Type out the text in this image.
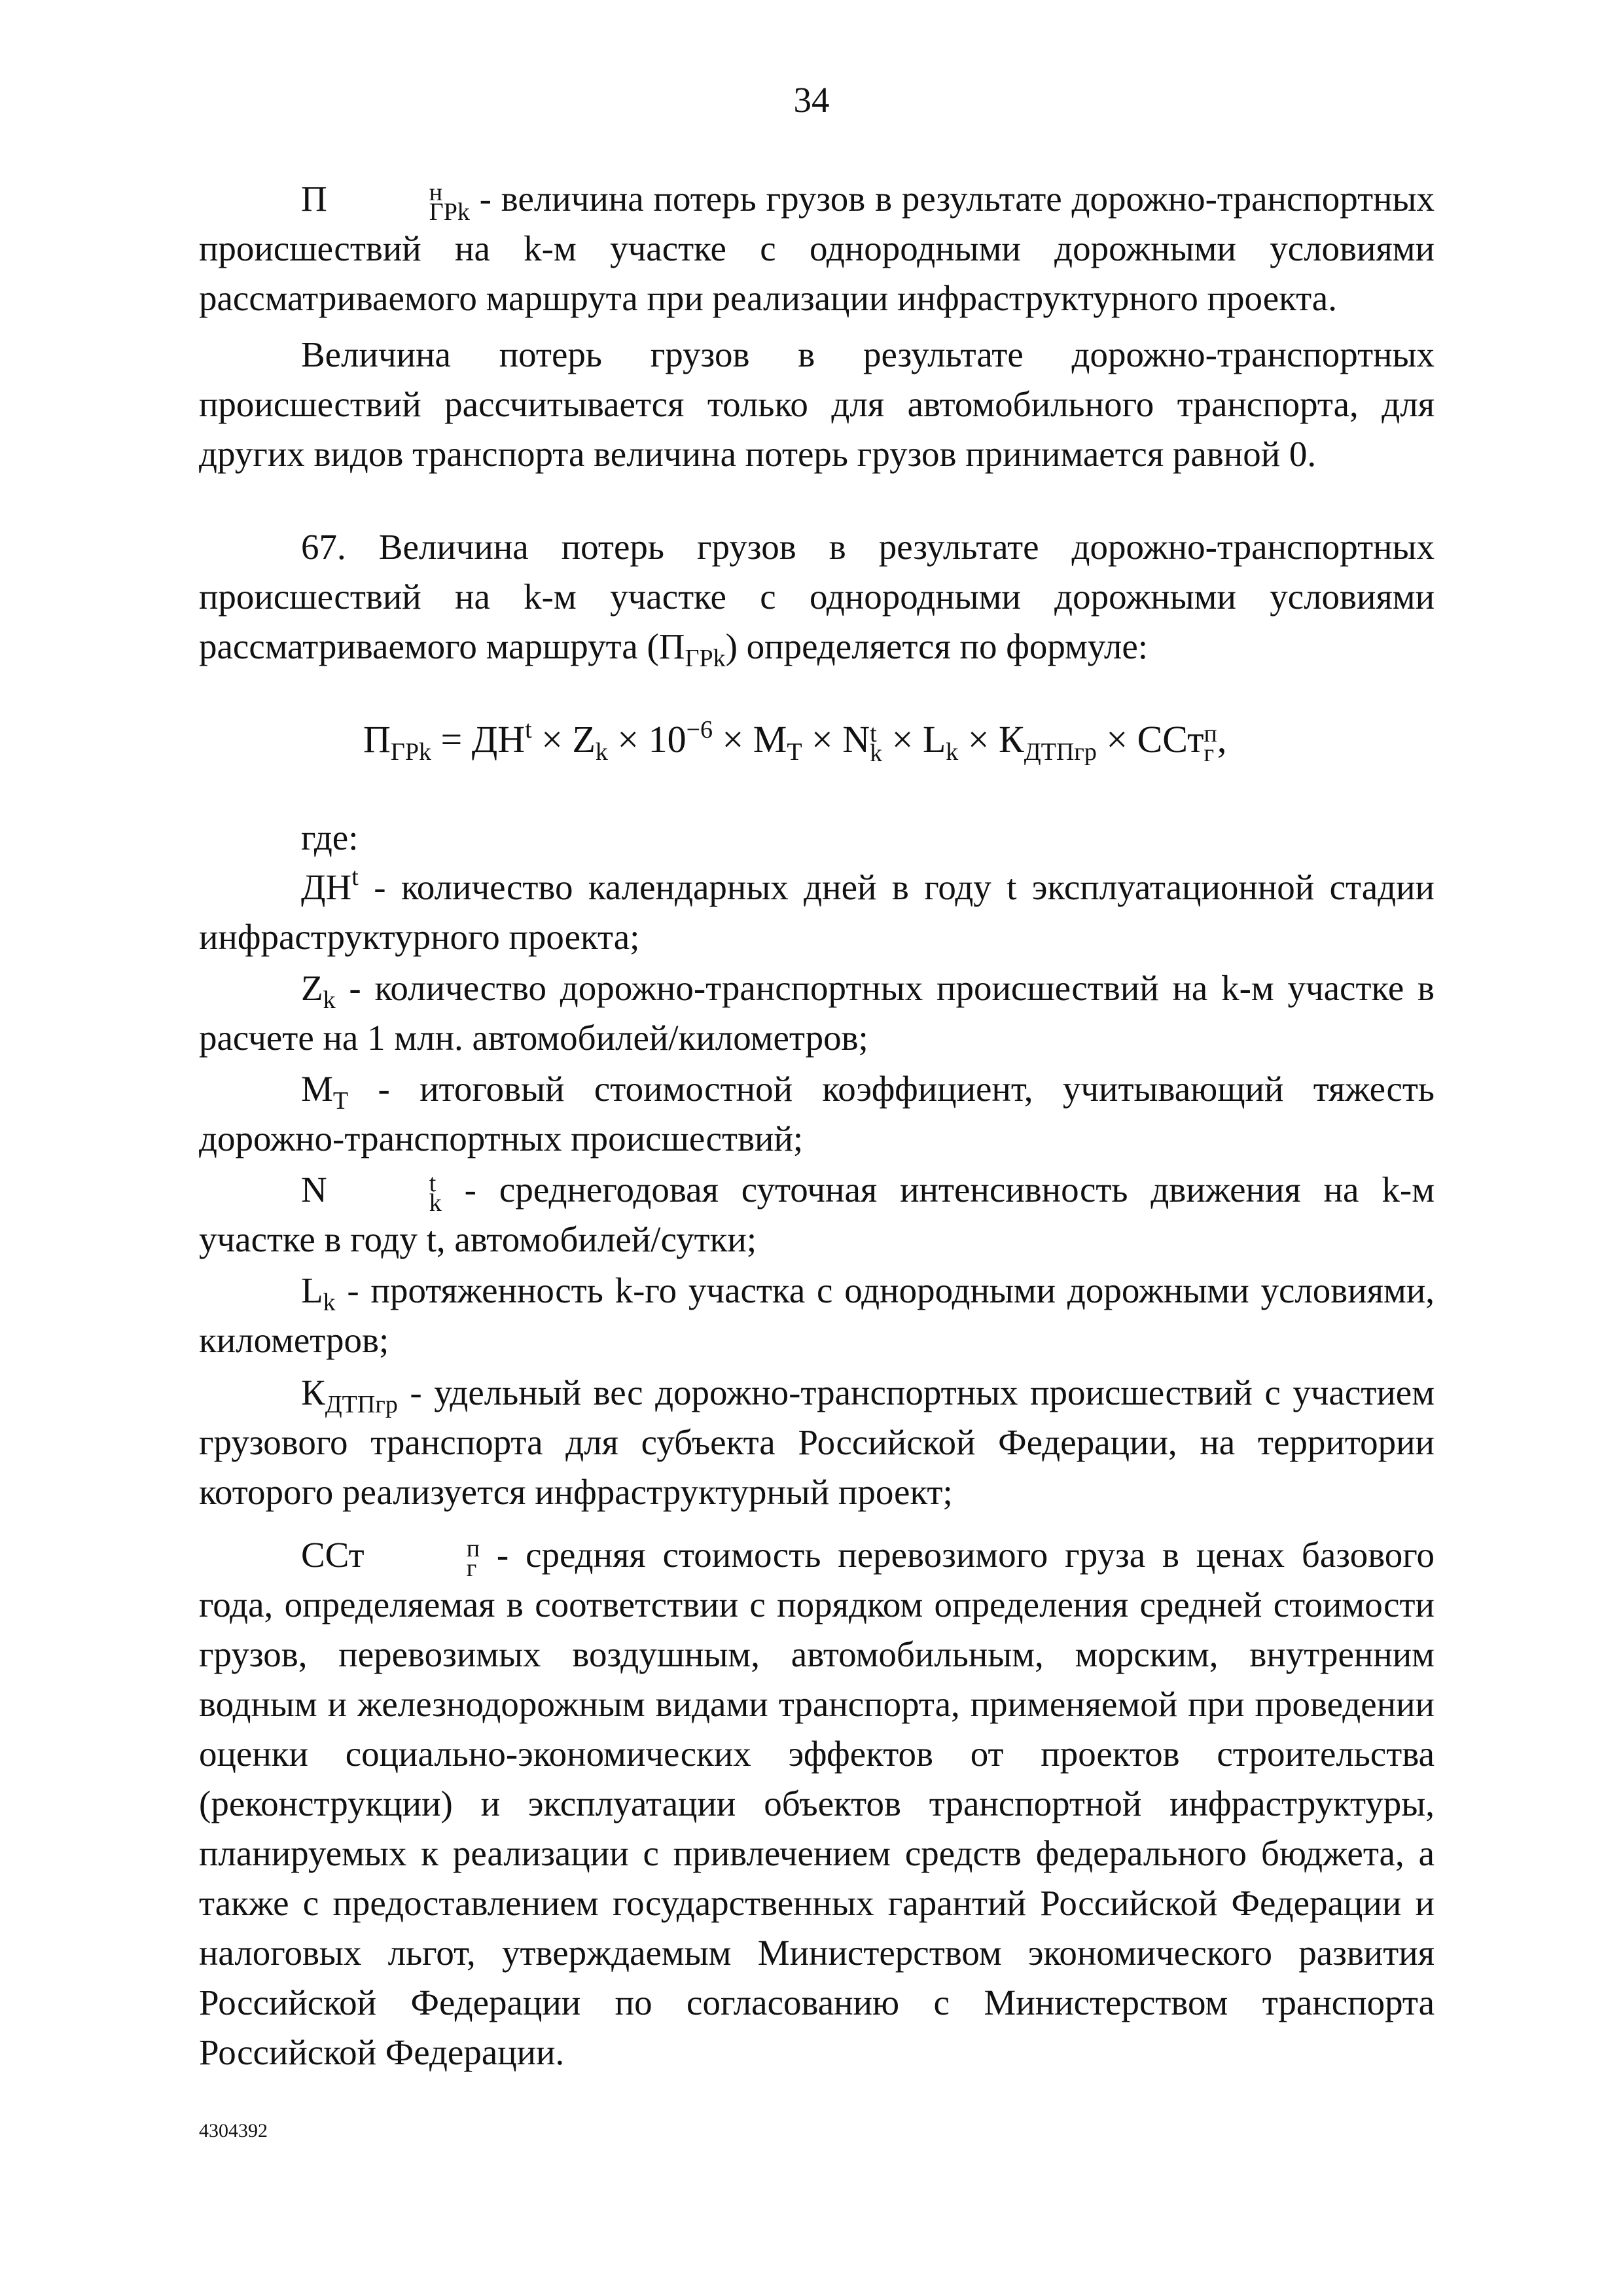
34
П	н
ГРk - величина потерь грузов в результате дорожно-транспортных происшествий на k-м участке с однородными дорожными условиями рассматриваемого маршрута при реализации инфраструктурного проекта.
Величина потерь грузов в результате дорожно-транспортных происшествий рассчитывается только для автомобильного транспорта, для других видов транспорта величина потерь грузов принимается равной 0.
67. Величина потерь грузов в результате дорожно-транспортных происшествий на k-м участке с однородными дорожными условиями рассматриваемого маршрута $(П_{ГРk})$ определяется по формуле:
$П_{ГРk} = ДН^t \times Z_k \times 10^{-6} \times М_Т \times N$ t
$k \times L_k \times К_{ДТПгр}$ × ССт п
г ,
где:
$ДН^t$ - количество календарных дней в году t эксплуатационной стадии инфраструктурного проекта;
$Z_k$ - количество дорожно-транспортных происшествий на k-м участке в расчете на 1 млн. автомобилей/километров;
$М_Т$ - итоговый стоимостной коэффициент, учитывающий тяжесть дорожно-транспортных происшествий;
N	t
k - среднегодовая суточная интенсивность движения на k-м участке в году t, автомобилей/сутки;
$L_k$ - протяженность k-го участка с однородными дорожными условиями, километров;
$К_{ДТПгр}$ - удельный вес дорожно-транспортных происшествий с участием грузового транспорта для субъекта Российской Федерации, на территории которого реализуется инфраструктурный проект;
ССт	п
г - средняя стоимость перевозимого груза в ценах базового года, определяемая в соответствии с порядком определения средней стоимости грузов, перевозимых воздушным, автомобильным, морским, внутренним водным и железнодорожным видами транспорта, применяемой при проведении оценки социально-экономических эффектов от проектов строительства (реконструкции) и эксплуатации объектов транспортной инфраструктуры, планируемых к реализации с привлечением средств федерального бюджета, а также с предоставлением государственных гарантий Российской Федерации и налоговых льгот, утверждаемым Министерством экономического развития Российской Федерации по согласованию с Министерством транспорта Российской Федерации.
4304392
